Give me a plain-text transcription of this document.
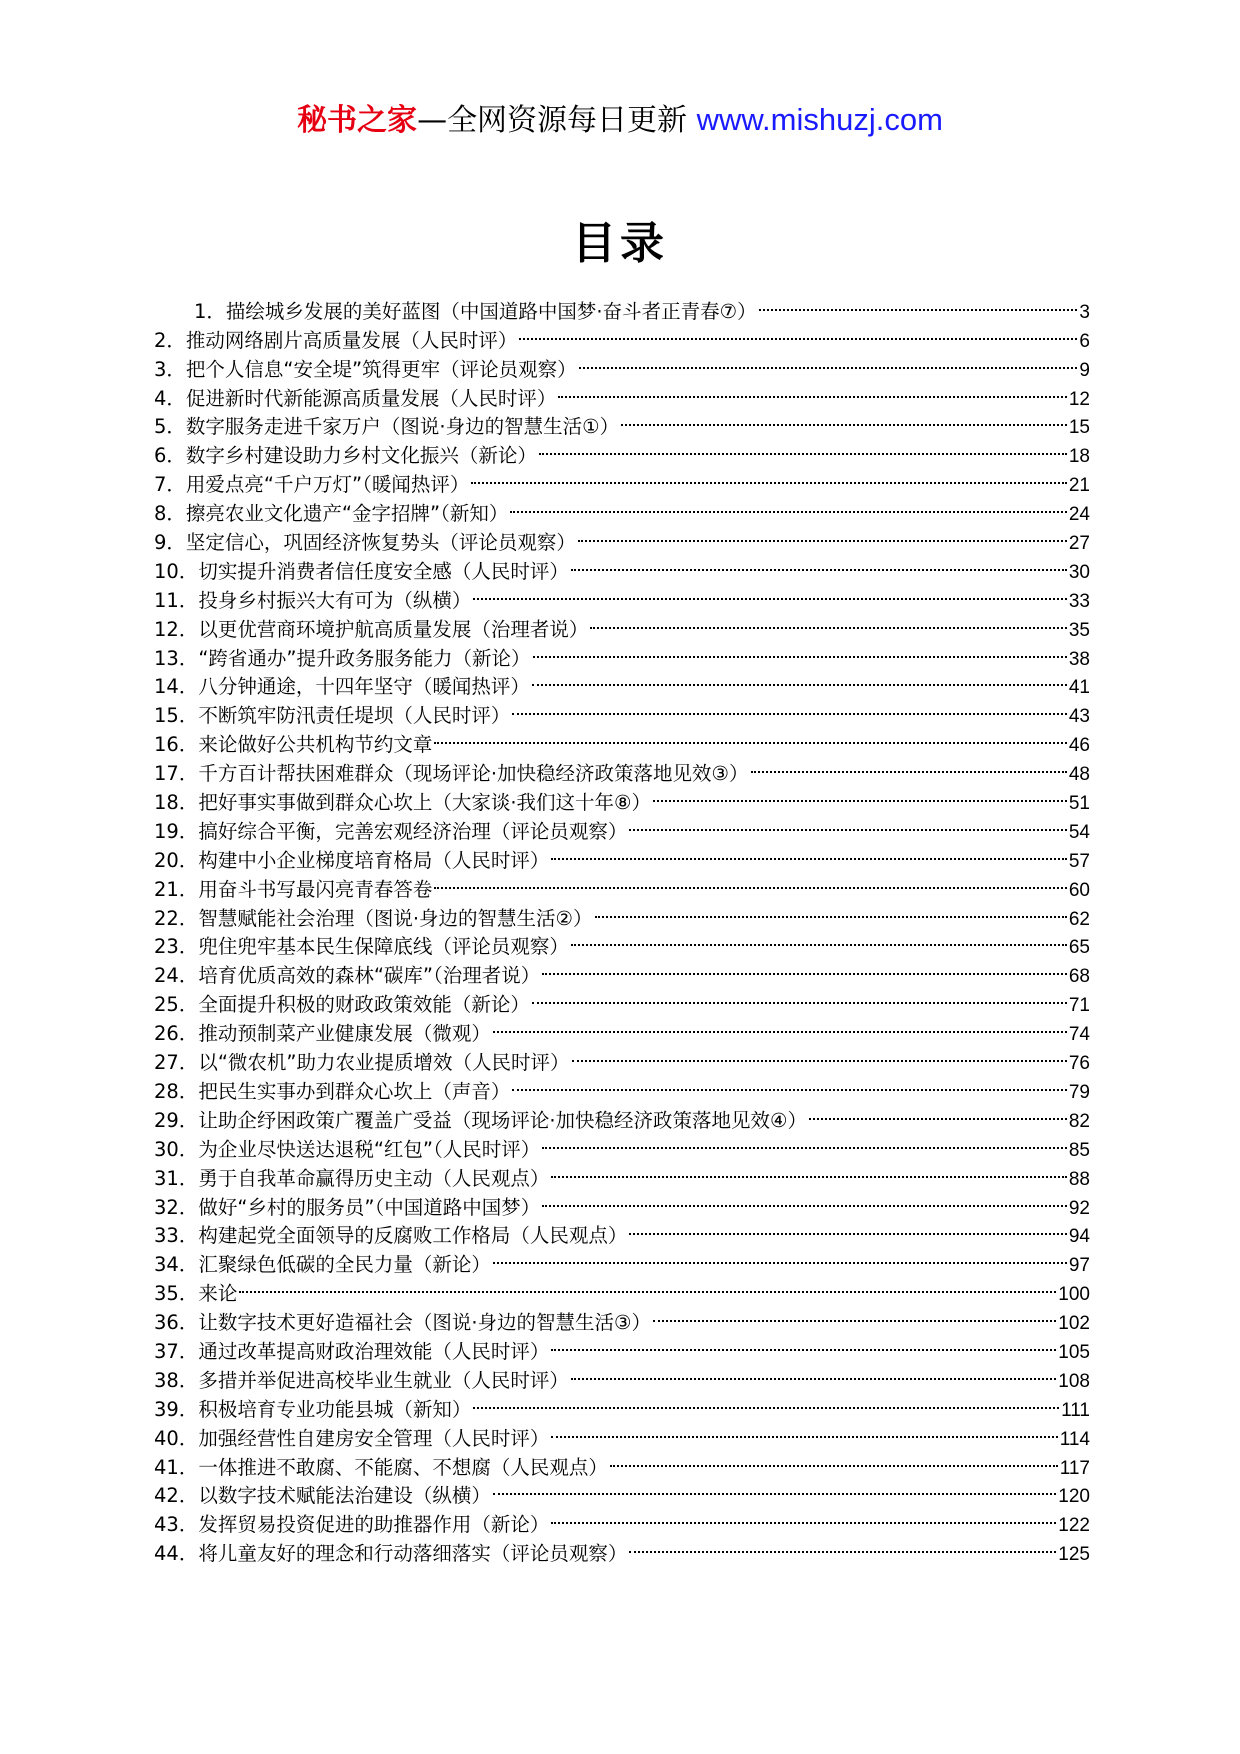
秘书之家—全网资源每日更新 www.mishuzj.com
目录
1． 描绘城乡发展的美好蓝图（中国道路中国梦·奋斗者正青春⑦）	3
2． 推动网络剧片高质量发展（人民时评）	6
3． 把个人信息“安全堤”筑得更牢（评论员观察）	9
4． 促进新时代新能源高质量发展（人民时评）	12
5． 数字服务走进千家万户（图说·身边的智慧生活①）	15
6． 数字乡村建设助力乡村文化振兴（新论）	18
7． 用爱点亮“千户万灯”（暖闻热评）	21
8． 擦亮农业文化遗产“金字招牌”（新知）	24
9． 坚定信心，巩固经济恢复势头（评论员观察）	27
10． 切实提升消费者信任度安全感（人民时评）	30
11． 投身乡村振兴大有可为（纵横）	33
12． 以更优营商环境护航高质量发展（治理者说）	35
13． “跨省通办”提升政务服务能力（新论）	38
14． 八分钟通途，十四年坚守（暖闻热评）	41
15． 不断筑牢防汛责任堤坝（人民时评）	43
16． 来论做好公共机构节约文章	46
17． 千方百计帮扶困难群众（现场评论·加快稳经济政策落地见效③）	48
18． 把好事实事做到群众心坎上（大家谈·我们这十年⑧）	51
19． 搞好综合平衡，完善宏观经济治理（评论员观察）	54
20． 构建中小企业梯度培育格局（人民时评）	57
21． 用奋斗书写最闪亮青春答卷	60
22． 智慧赋能社会治理（图说·身边的智慧生活②）	62
23． 兜住兜牢基本民生保障底线（评论员观察）	65
24． 培育优质高效的森林“碳库”（治理者说）	68
25． 全面提升积极的财政政策效能（新论）	71
26． 推动预制菜产业健康发展（微观）	74
27． 以“微农机”助力农业提质增效（人民时评）	76
28． 把民生实事办到群众心坎上（声音）	79
29． 让助企纾困政策广覆盖广受益（现场评论·加快稳经济政策落地见效④）	82
30． 为企业尽快送达退税“红包”（人民时评）	85
31． 勇于自我革命赢得历史主动（人民观点）	88
32． 做好“乡村的服务员”（中国道路中国梦）	92
33． 构建起党全面领导的反腐败工作格局（人民观点）	94
34． 汇聚绿色低碳的全民力量（新论）	97
35． 来论	100
36． 让数字技术更好造福社会（图说·身边的智慧生活③）	102
37． 通过改革提高财政治理效能（人民时评）	105
38． 多措并举促进高校毕业生就业（人民时评）	108
39． 积极培育专业功能县城（新知）	111
40． 加强经营性自建房安全管理（人民时评）	114
41． 一体推进不敢腐、不能腐、不想腐（人民观点）	117
42． 以数字技术赋能法治建设（纵横）	120
43． 发挥贸易投资促进的助推器作用（新论）	122
44． 将儿童友好的理念和行动落细落实（评论员观察）	125
